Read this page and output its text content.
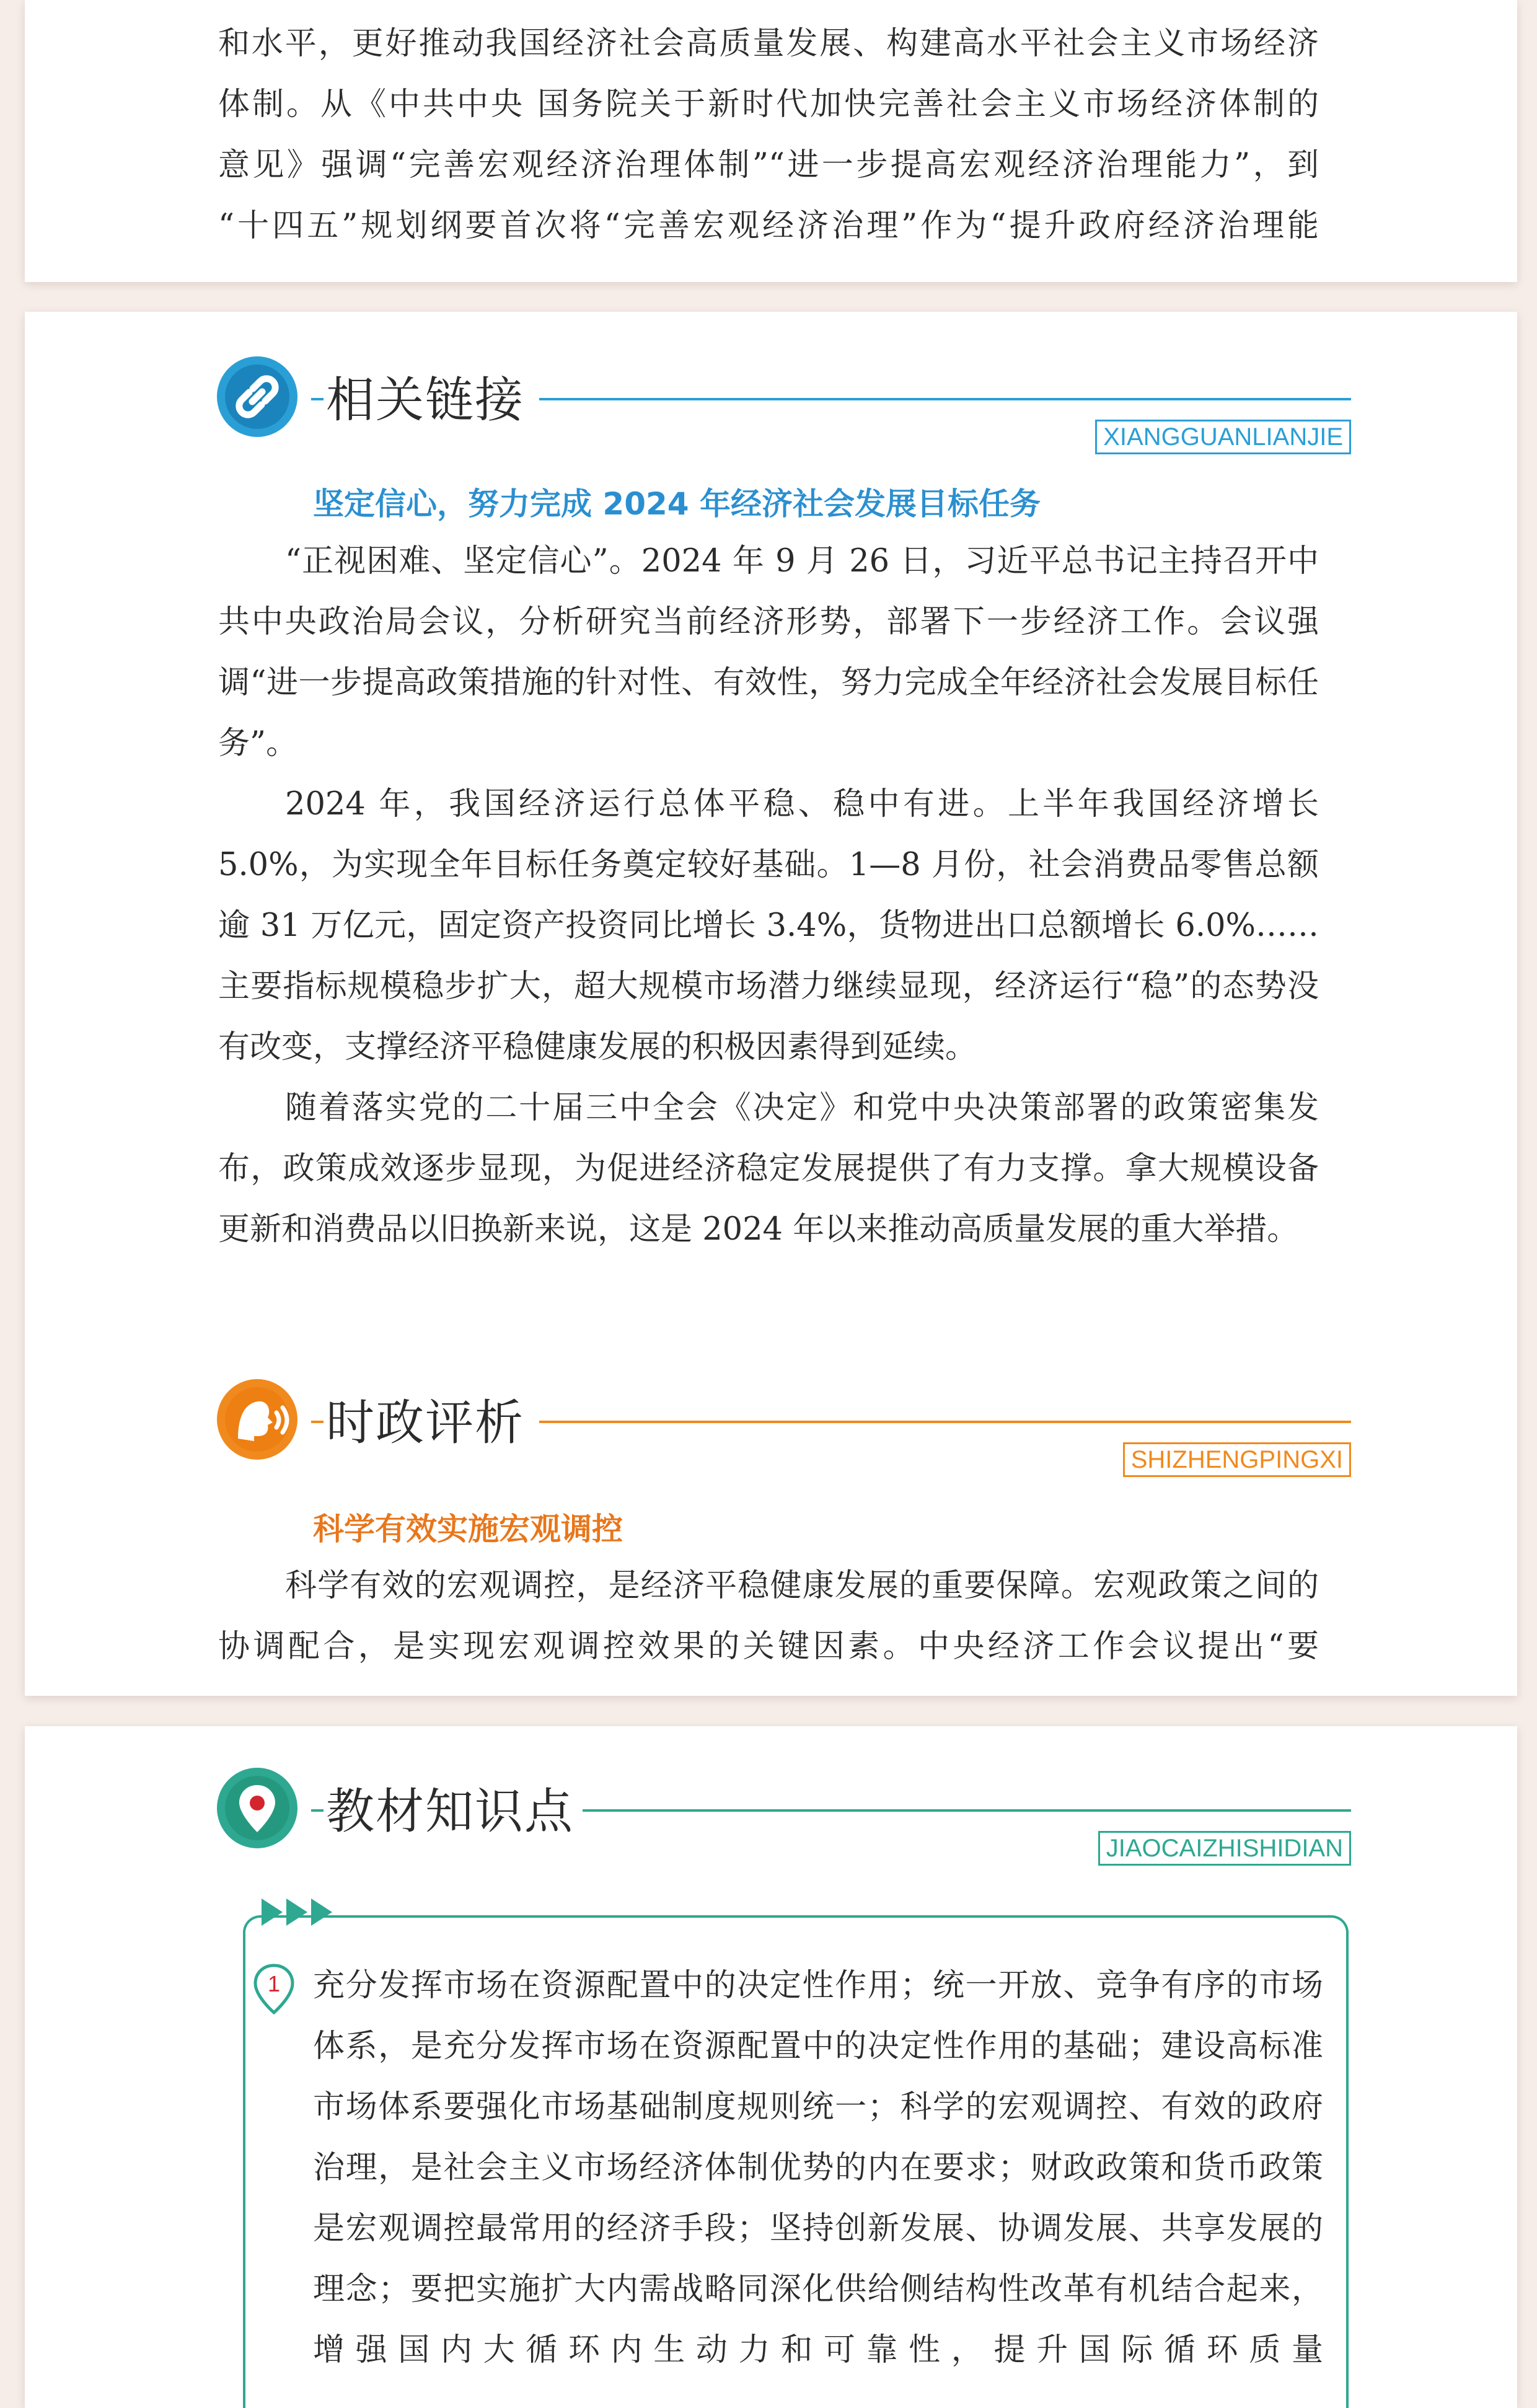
和水平，更好推动我国经济社会高质量发展、构建高水平社会主义市场经济

体制。从《中共中央 国务院关于新时代加快完善社会主义市场经济体制的

意见》强调“完善宏观经济治理体制”“进一步提高宏观经济治理能力”，到

“十四五”规划纲要首次将“完善宏观经济治理”作为“提升政府经济治理能

相关链接
XIANGGUANLIANJIE
坚定信心，努力完成 2024 年经济社会发展目标任务

“正视困难、坚定信心”。2024 年 9 月 26 日，习近平总书记主持召开中共中央政治局会议，分析研究当前经济形势，部署下一步经济工作。会议强调“进一步提高政策措施的针对性、有效性，努力完成全年经济社会发展目标任务”。

2024 年，我国经济运行总体平稳、稳中有进。上半年我国经济增长 5.0%，为实现全年目标任务奠定较好基础。1—8 月份，社会消费品零售总额逾 31 万亿元，固定资产投资同比增长 3.4%，货物进出口总额增长 6.0%……主要指标规模稳步扩大，超大规模市场潜力继续显现，经济运行“稳”的态势没有改变，支撑经济平稳健康发展的积极因素得到延续。

随着落实党的二十届三中全会《决定》和党中央决策部署的政策密集发布，政策成效逐步显现，为促进经济稳定发展提供了有力支撑。拿大规模设备更新和消费品以旧换新来说，这是 2024 年以来推动高质量发展的重大举措。

时政评析
SHIZHENGPINGXI
科学有效实施宏观调控

科学有效的宏观调控，是经济平稳健康发展的重要保障。宏观政策之间的协调配合，是实现宏观调控效果的关键因素。中央经济工作会议提出“要

教材知识点
JIAOCAIZHISHIDIAN
1 充分发挥市场在资源配置中的决定性作用；统一开放、竞争有序的市场体系，是充分发挥市场在资源配置中的决定性作用的基础；建设高标准市场体系要强化市场基础制度规则统一；科学的宏观调控、有效的政府治理，是社会主义市场经济体制优势的内在要求；财政政策和货币政策是宏观调控最常用的经济手段；坚持创新发展、协调发展、共享发展的理念；要把实施扩大内需战略同深化供给侧结构性改革有机结合起来，增强国内大循环内生动力和可靠性，提升国际循环质量
